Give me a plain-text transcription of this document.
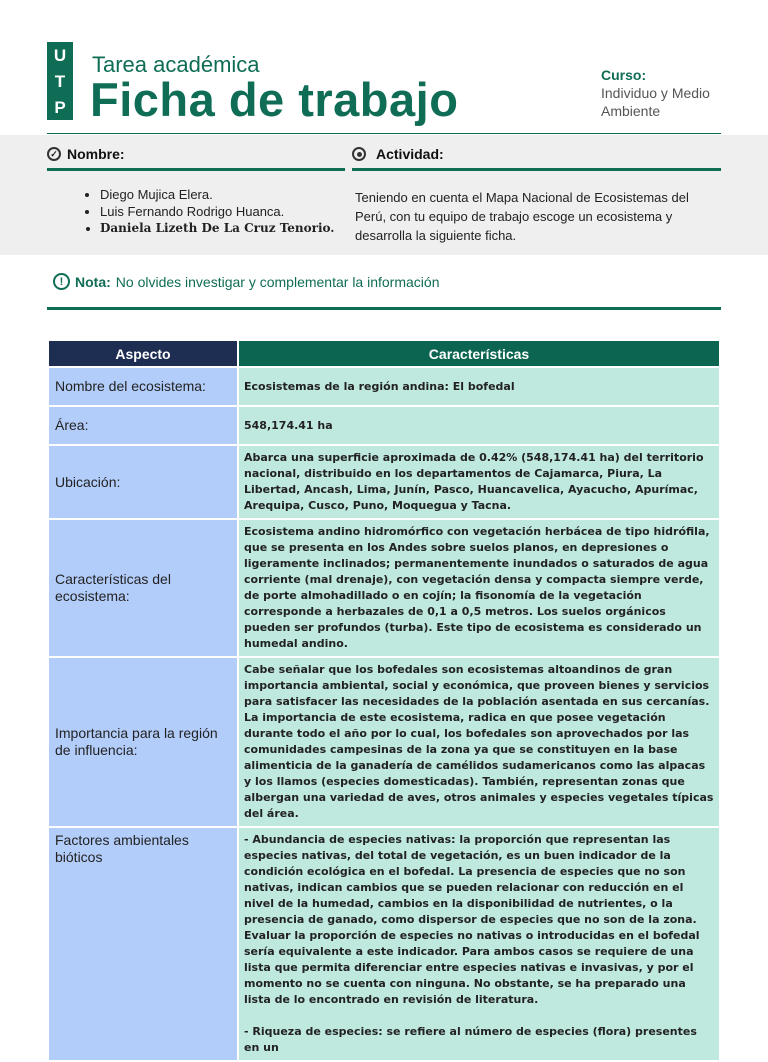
U
T
P
Tarea académica
Ficha de trabajo	Curso:
Individuo y Medio Ambiente
✓ Nombre:	Actividad:
• Diego Mujica Elera.
• Luis Fernando Rodrigo Huanca.
• Daniela Lizeth De La Cruz Tenorio.
Teniendo en cuenta el Mapa Nacional de Ecosistemas del Perú, con tu equipo de trabajo escoge un ecosistema y desarrolla la siguiente ficha.
! Nota: No olvides investigar y complementar la información
Aspecto	Características
Nombre del ecosistema:	Ecosistemas de la región andina: El bofedal

Área:	548,174.41 ha

Ubicación:	Abarca una superficie aproximada de 0.42% (548,174.41 ha) del territorio nacional, distribuido en los departamentos de Cajamarca, Piura, La Libertad, Ancash, Lima, Junín, Pasco, Huancavelica, Ayacucho, Apurímac, Arequipa, Cusco, Puno, Moquegua y Tacna.

Características del ecosistema:	Ecosistema andino hidromórfico con vegetación herbácea de tipo hidrófila, que se presenta en los Andes sobre suelos planos, en depresiones o ligeramente inclinados; permanentemente inundados o saturados de agua corriente (mal drenaje), con vegetación densa y compacta siempre verde, de porte almohadillado o en cojín; la fisonomía de la vegetación corresponde a herbazales de 0,1 a 0,5 metros. Los suelos orgánicos pueden ser profundos (turba). Este tipo de ecosistema es considerado un humedal andino.

Importancia para la región de influencia:	Cabe señalar que los bofedales son ecosistemas altoandinos de gran importancia ambiental, social y económica, que proveen bienes y servicios para satisfacer las necesidades de la población asentada en sus cercanías.

La importancia de este ecosistema, radica en que posee vegetación durante todo el año por lo cual, los bofedales son aprovechados por las comunidades campesinas de la zona ya que se constituyen en la base alimenticia de la ganadería de camélidos sudamericanos como las alpacas y los llamos (especies domesticadas). También, representan zonas que albergan una variedad de aves, otros animales y especies vegetales típicas del área.

Factores ambientales bióticos	- Abundancia de especies nativas: la proporción que representan las especies nativas, del total de vegetación, es un buen indicador de la condición ecológica en el bofedal. La presencia de especies que no son nativas, indican cambios que se pueden relacionar con reducción en el nivel de la humedad, cambios en la disponibilidad de nutrientes, o la presencia de ganado, como dispersor de especies que no son de la zona. Evaluar la proporción de especies no nativas o introducidas en el bofedal sería equivalente a este indicador. Para ambos casos se requiere de una lista que permita diferenciar entre especies nativas e invasivas, y por el momento no se cuenta con ninguna. No obstante, se ha preparado una lista de lo encontrado en revisión de literatura.

- Riqueza de especies: se refiere al número de especies (flora) presentes en un
